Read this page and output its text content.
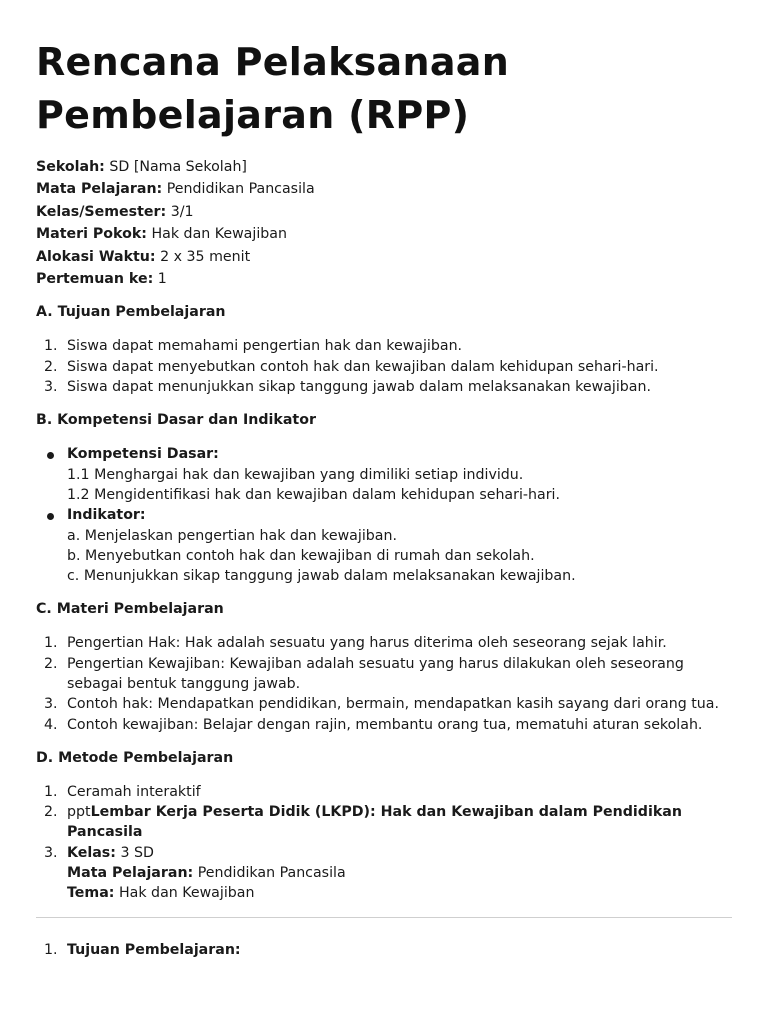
Rencana Pelaksanaan Pembelajaran (RPP)
Sekolah: SD [Nama Sekolah]
Mata Pelajaran: Pendidikan Pancasila
Kelas/Semester: 3/1
Materi Pokok: Hak dan Kewajiban
Alokasi Waktu: 2 x 35 menit
Pertemuan ke: 1
A. Tujuan Pembelajaran
1. Siswa dapat memahami pengertian hak dan kewajiban.
2. Siswa dapat menyebutkan contoh hak dan kewajiban dalam kehidupan sehari-hari.
3. Siswa dapat menunjukkan sikap tanggung jawab dalam melaksanakan kewajiban.
B. Kompetensi Dasar dan Indikator
Kompetensi Dasar:
1.1 Menghargai hak dan kewajiban yang dimiliki setiap individu.
1.2 Mengidentifikasi hak dan kewajiban dalam kehidupan sehari-hari.
Indikator:
a. Menjelaskan pengertian hak dan kewajiban.
b. Menyebutkan contoh hak dan kewajiban di rumah dan sekolah.
c. Menunjukkan sikap tanggung jawab dalam melaksanakan kewajiban.
C. Materi Pembelajaran
1. Pengertian Hak: Hak adalah sesuatu yang harus diterima oleh seseorang sejak lahir.
2. Pengertian Kewajiban: Kewajiban adalah sesuatu yang harus dilakukan oleh seseorang sebagai bentuk tanggung jawab.
3. Contoh hak: Mendapatkan pendidikan, bermain, mendapatkan kasih sayang dari orang tua.
4. Contoh kewajiban: Belajar dengan rajin, membantu orang tua, mematuhi aturan sekolah.
D. Metode Pembelajaran
1. Ceramah interaktif
2. pptLembar Kerja Peserta Didik (LKPD): Hak dan Kewajiban dalam Pendidikan Pancasila
3. Kelas: 3 SD
Mata Pelajaran: Pendidikan Pancasila
Tema: Hak dan Kewajiban
1. Tujuan Pembelajaran:
